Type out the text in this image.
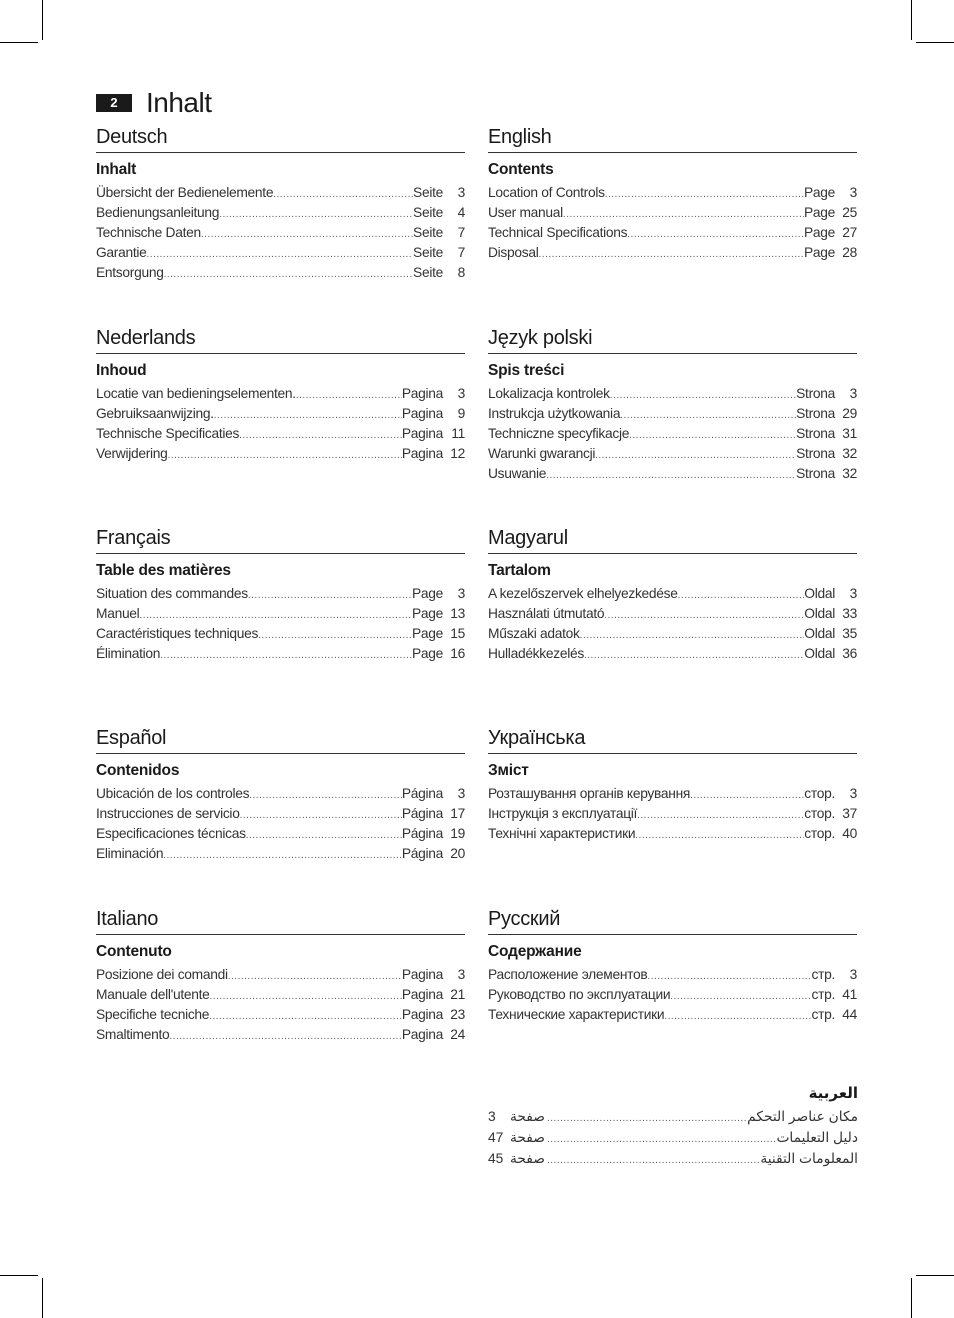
2	Inhalt
Deutsch
Inhalt
Übersicht der Bedienelemente .....	Seite	3
Bedienungsanleitung .....	Seite	4
Technische Daten .....	Seite	7
Garantie .....	Seite	7
Entsorgung .....	Seite	8
English
Contents
Location of Controls .....	Page	3
User manual .....	Page 25
Technical Specifications .....	Page 27
Disposal .....	Page 28
Nederlands
Inhoud
Locatie van bedieningselementen. .....	Pagina	3
Gebruiksaanwijzing. .....	Pagina	9
Technische Specificaties .....	Pagina 11
Verwijdering .....	Pagina 12
Język polski
Spis treści
Lokalizacja kontrolek .....	Strona	3
Instrukcja użytkowania .....	Strona 29
Techniczne specyfikacje .....	Strona 31
Warunki gwarancji .....	Strona 32
Usuwanie .....	Strona 32
Français
Table des matières
Situation des commandes .....	Page	3
Manuel .....	Page 13
Caractéristiques techniques .....	Page 15
Élimination .....	Page 16
Magyarul
Tartalom
A kezelőszervek elhelyezkedése .....	Oldal	3
Használati útmutató .....	Oldal 33
Műszaki adatok .....	Oldal 35
Hulladékkezelés .....	Oldal 36
Español
Contenidos
Ubicación de los controles .....	Página	3
Instrucciones de servicio .....	Página 17
Especificaciones técnicas .....	Página 19
Eliminación .....	Página 20
Українська
Зміст
Розташування органів керування .....	стор.	3
Інструкція з експлуатації .....	стор. 37
Технічні характеристики .....	стор. 40
Italiano
Contenuto
Posizione dei comandi .....	Pagina	3
Manuale dell'utente .....	Pagina 21
Specifiche tecniche .....	Pagina 23
Smaltimento .....	Pagina 24
Русский
Содержание
Расположение элементов .....	стр.	3
Руководство по эксплуатации .....	стр. 41
Технические характеристики .....	стр. 44
العربية
3	صفحة .....	مكان عناصر التحكم
47 صفحة .....	دليل التعليمات
45 صفحة .....	المعلومات التقنية
